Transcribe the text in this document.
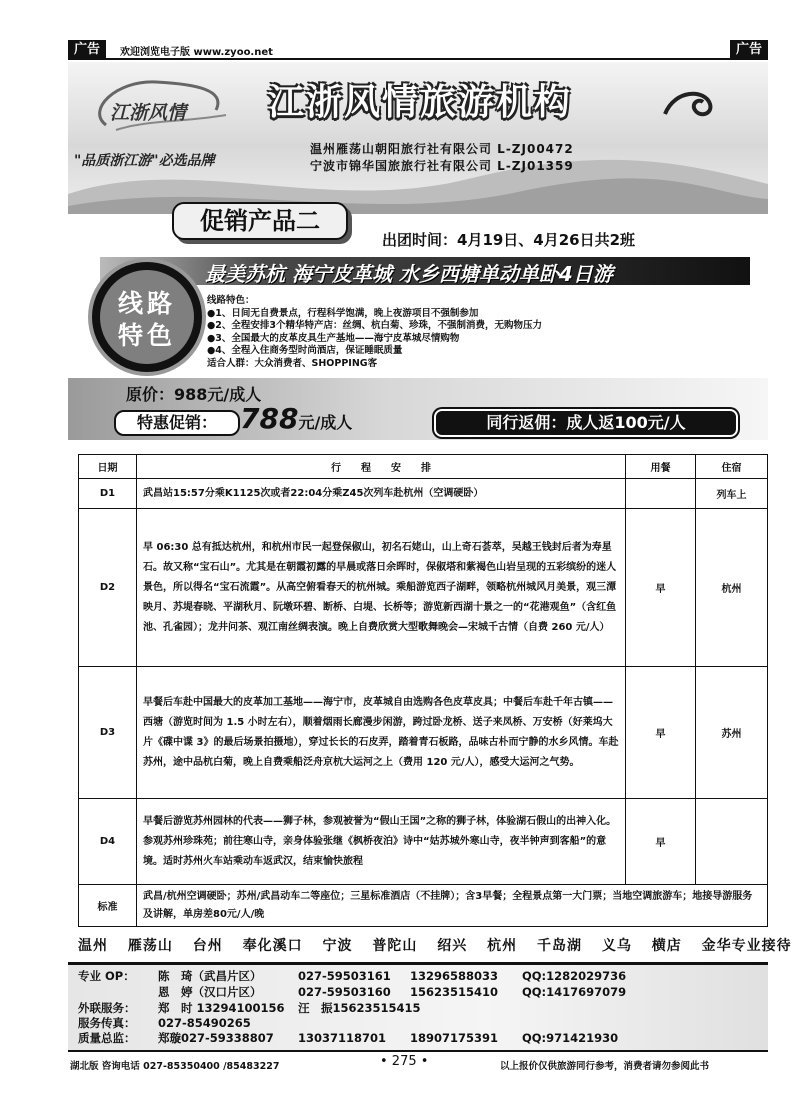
广告	欢迎浏览电子版 www.zyoo.net	广告
江浙风情
"品质浙江游"必选品牌
江浙风情旅游机构
温州雁荡山朝阳旅行社有限公司 L-ZJ00472
宁波市锦华国旅旅行社有限公司 L-ZJ01359
促销产品二
出团时间：4月19日、4月26日共2班
最美苏杭 海宁皮革城 水乡西塘单动单卧4日游
线路
特色
线路特色：
●1、日间无自费景点，行程科学饱满，晚上夜游项目不强制参加
●2、全程安排3个精华特产店：丝绸、杭白菊、珍珠，不强制消费，无购物压力
●3、全国最大的皮革皮具生产基地——海宁皮革城尽情购物
●4、全程入住商务型时尚酒店，保证睡眠质量
适合人群：大众消费者、SHOPPING客
原价：988元/成人
特惠促销： 788元/成人	同行返佣：成人返100元/人
日期	行　　程　　安　　排	用餐	住宿
D1	武昌站15:57分乘K1125次或者22:04分乘Z45次列车赴杭州（空调硬卧）		列车上
D2	早 06:30 总有抵达杭州，和杭州市民一起登保俶山，初名石姥山，山上奇石荟萃，吴越王钱封后者为寿星石。故又称“宝石山”。尤其是在朝霞初露的早晨或落日余晖时，保俶塔和紫褐色山岩呈现的五彩缤纷的迷人景色，所以得名“宝石流霞”。从高空俯看春天的杭州城。乘船游览西子湖畔，领略杭州城风月美景，观三潭映月、苏堤春晓、平湖秋月、阮墩环碧、断桥、白堤、长桥等；游览新西湖十景之一的“花港观鱼”（含红鱼池、孔雀园）；龙井问茶、观江南丝绸表演。晚上自费欣赏大型歌舞晚会—宋城千古情（自费 260 元/人）	早	杭州
D3	早餐后车赴中国最大的皮革加工基地——海宁市，皮革城自由选购各色皮草皮具；中餐后车赴千年古镇——西塘（游览时间为 1.5 小时左右），顺着烟雨长廊漫步闲游，跨过卧龙桥、送子来凤桥、万安桥（好莱坞大片《碟中谍 3》的最后场景拍摄地），穿过长长的石皮弄，踏着青石板路，品味古朴而宁静的水乡风情。车赴苏州，途中品杭白菊，晚上自费乘船泛舟京杭大运河之上（费用 120 元/人），感受大运河之气势。	早	苏州
D4	早餐后游览苏州园林的代表——狮子林，参观被誉为“假山王国”之称的狮子林，体验湖石假山的出神入化。参观苏州珍珠苑；前往寒山寺，亲身体验张继《枫桥夜泊》诗中“姑苏城外寒山寺，夜半钟声到客船”的意境。适时苏州火车站乘动车返武汉，结束愉快旅程	早	
标准	武昌/杭州空调硬卧；苏州/武昌动车二等座位；三星标准酒店（不挂牌）；含3早餐；全程景点第一大门票；当地空调旅游车；地接导游服务及讲解，单房差80元/人/晚		
温州 雁荡山 台州 奉化溪口 宁波 普陀山 绍兴 杭州 千岛湖 义乌 横店 金华专业接待
专业 OP： 陈　琦（武昌片区）	027-59503161 13296588033 QQ:1282029736
恩　婷（汉口片区）	027-59503160 15623515410 QQ:1417697079
外联服务： 郑　时 13294100156 汪　振15623515415
服务传真： 027-85490265
质量总监： 郑璇027-59338807 13037118701 18907175391 QQ:971421930
湖北版 咨询电话 027-85350400 /85483227	• 275 •	以上报价仅供旅游同行参考，消费者请勿参阅此书
